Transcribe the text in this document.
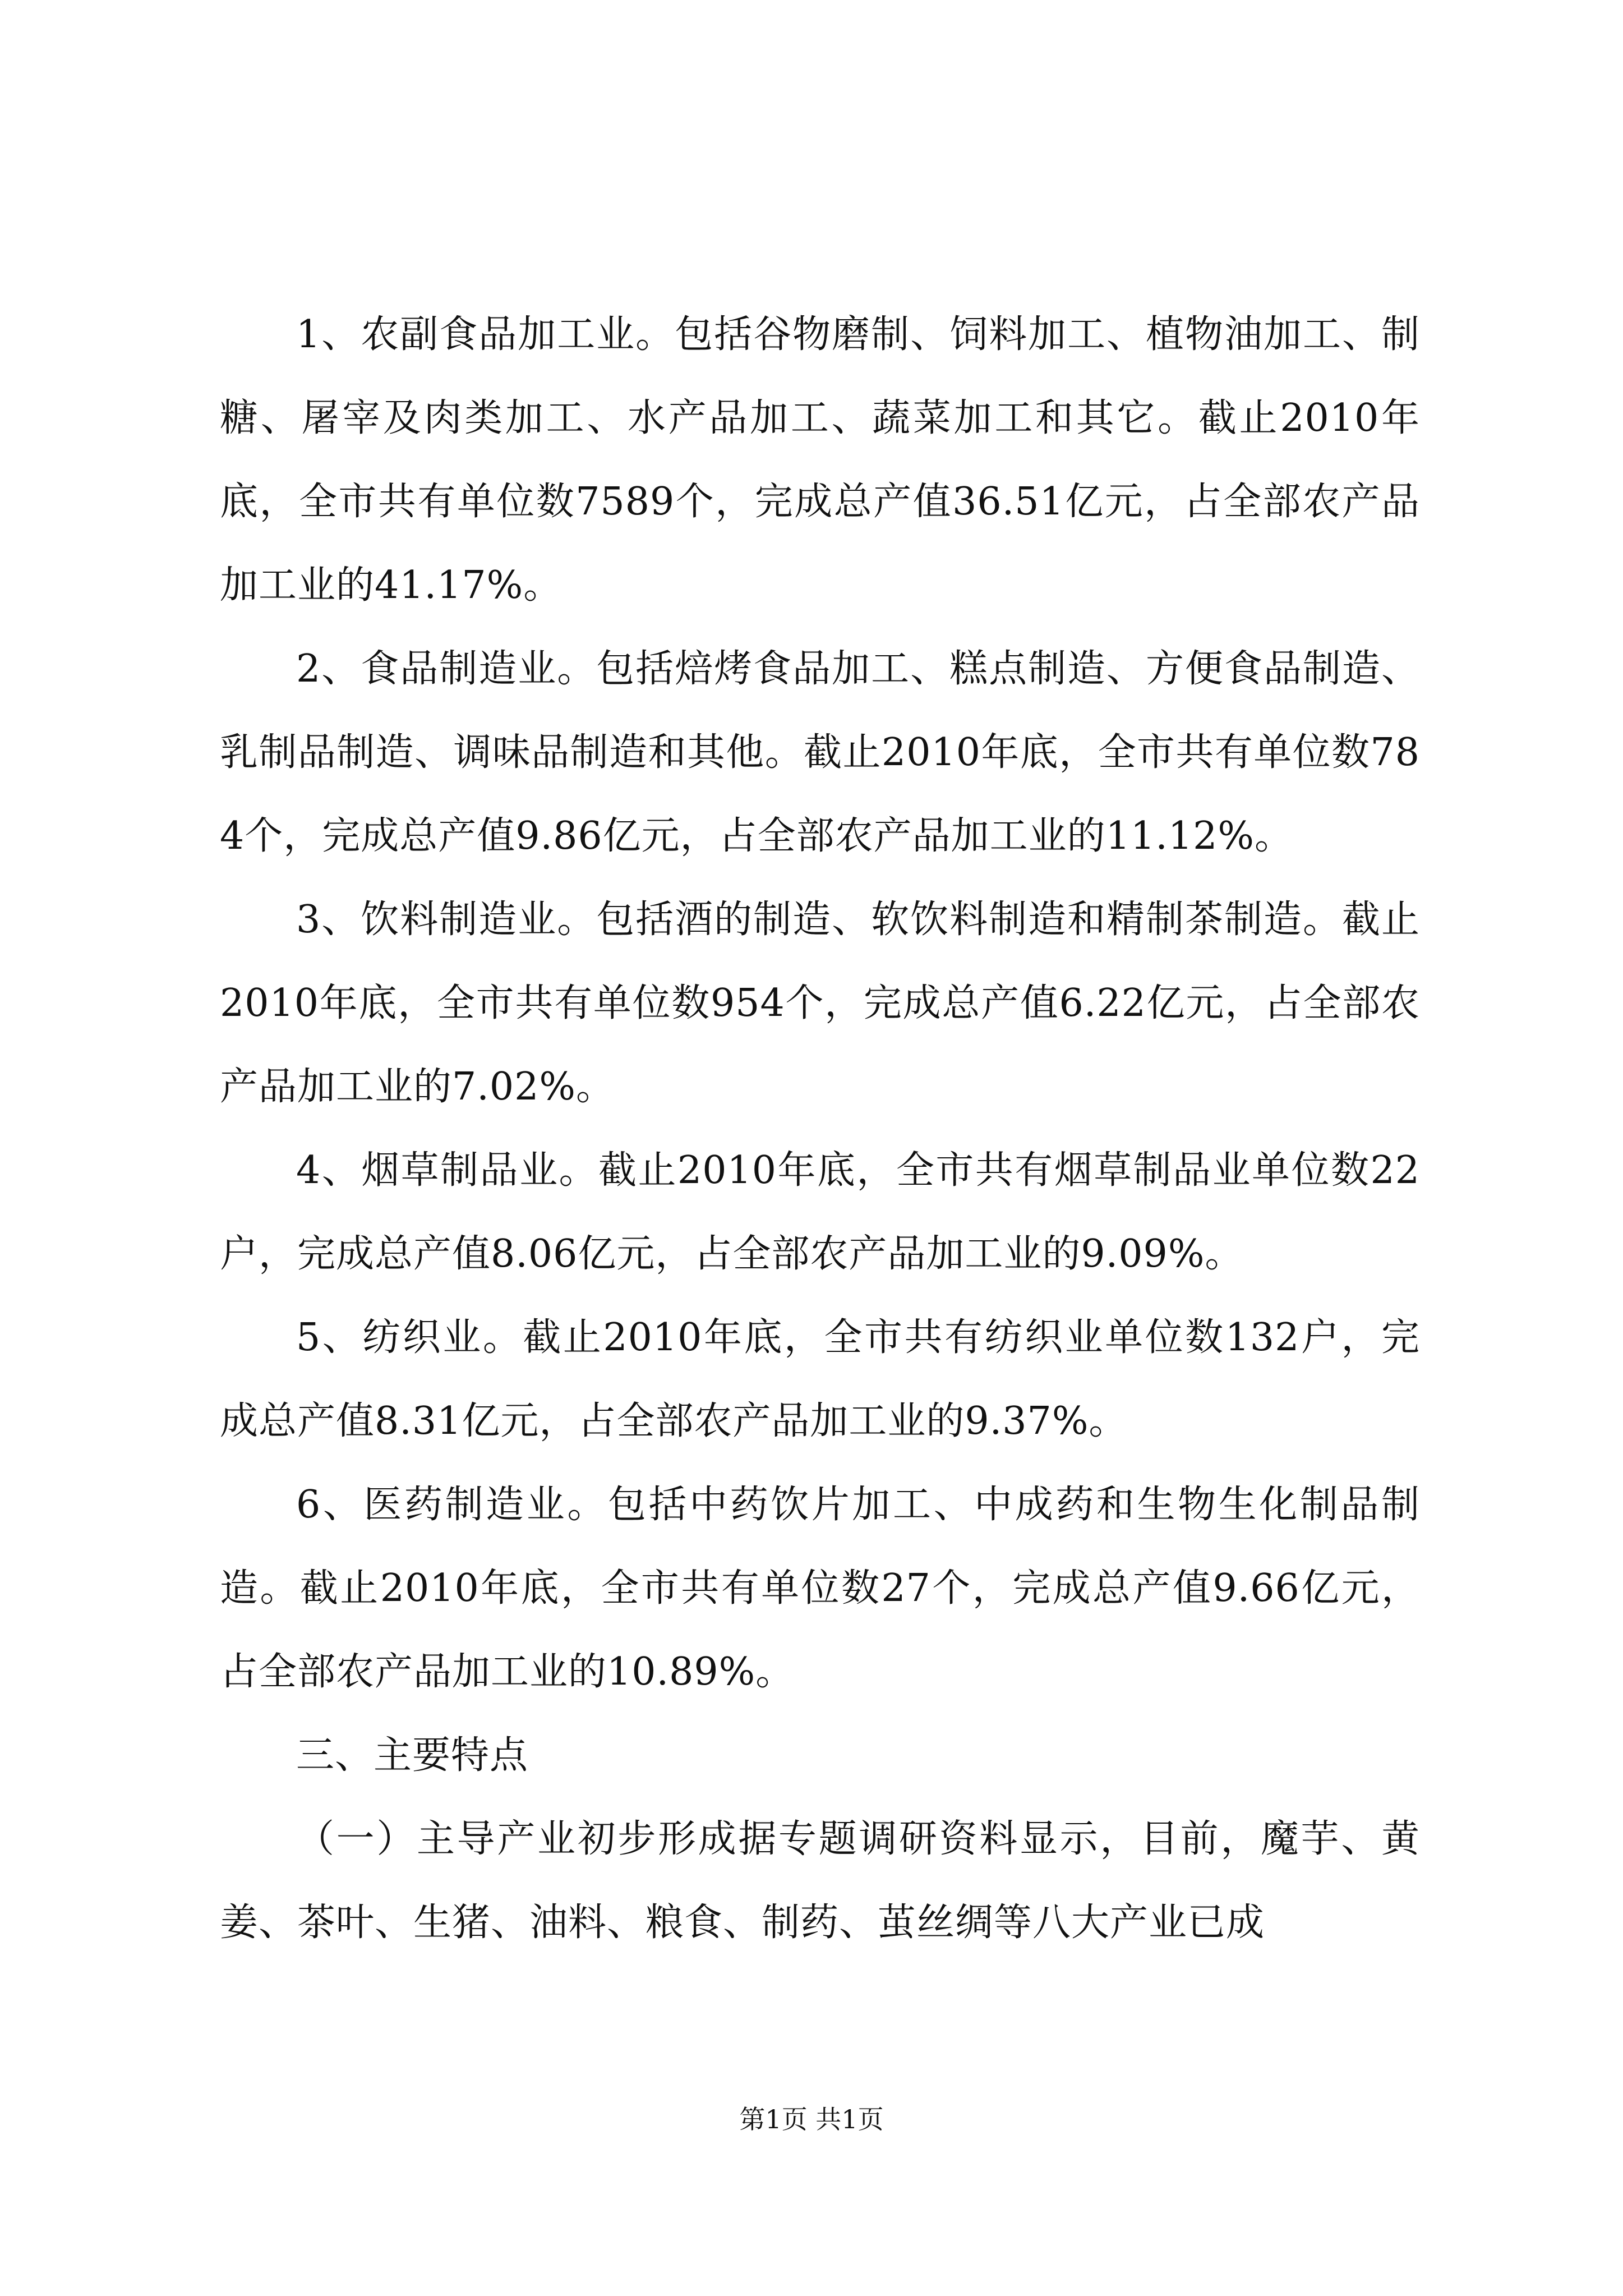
1、农副食品加工业。包括谷物磨制、饲料加工、植物油加工、制糖、屠宰及肉类加工、水产品加工、蔬菜加工和其它。截止2010年底，全市共有单位数7589个，完成总产值36.51亿元，占全部农产品加工业的41.17%。

2、食品制造业。包括焙烤食品加工、糕点制造、方便食品制造、乳制品制造、调味品制造和其他。截止2010年底，全市共有单位数784个，完成总产值9.86亿元，占全部农产品加工业的11.12%。

3、饮料制造业。包括酒的制造、软饮料制造和精制茶制造。截止2010年底，全市共有单位数954个，完成总产值6.22亿元，占全部农产品加工业的7.02%。

4、烟草制品业。截止2010年底，全市共有烟草制品业单位数22户，完成总产值8.06亿元，占全部农产品加工业的9.09%。

5、纺织业。截止2010年底，全市共有纺织业单位数132户，完成总产值8.31亿元，占全部农产品加工业的9.37%。

6、医药制造业。包括中药饮片加工、中成药和生物生化制品制造。截止2010年底，全市共有单位数27个，完成总产值9.66亿元，占全部农产品加工业的10.89%。

三、主要特点

（一）主导产业初步形成据专题调研资料显示，目前，魔芋、黄姜、茶叶、生猪、油料、粮食、制药、茧丝绸等八大产业已成

第1页 共1页
